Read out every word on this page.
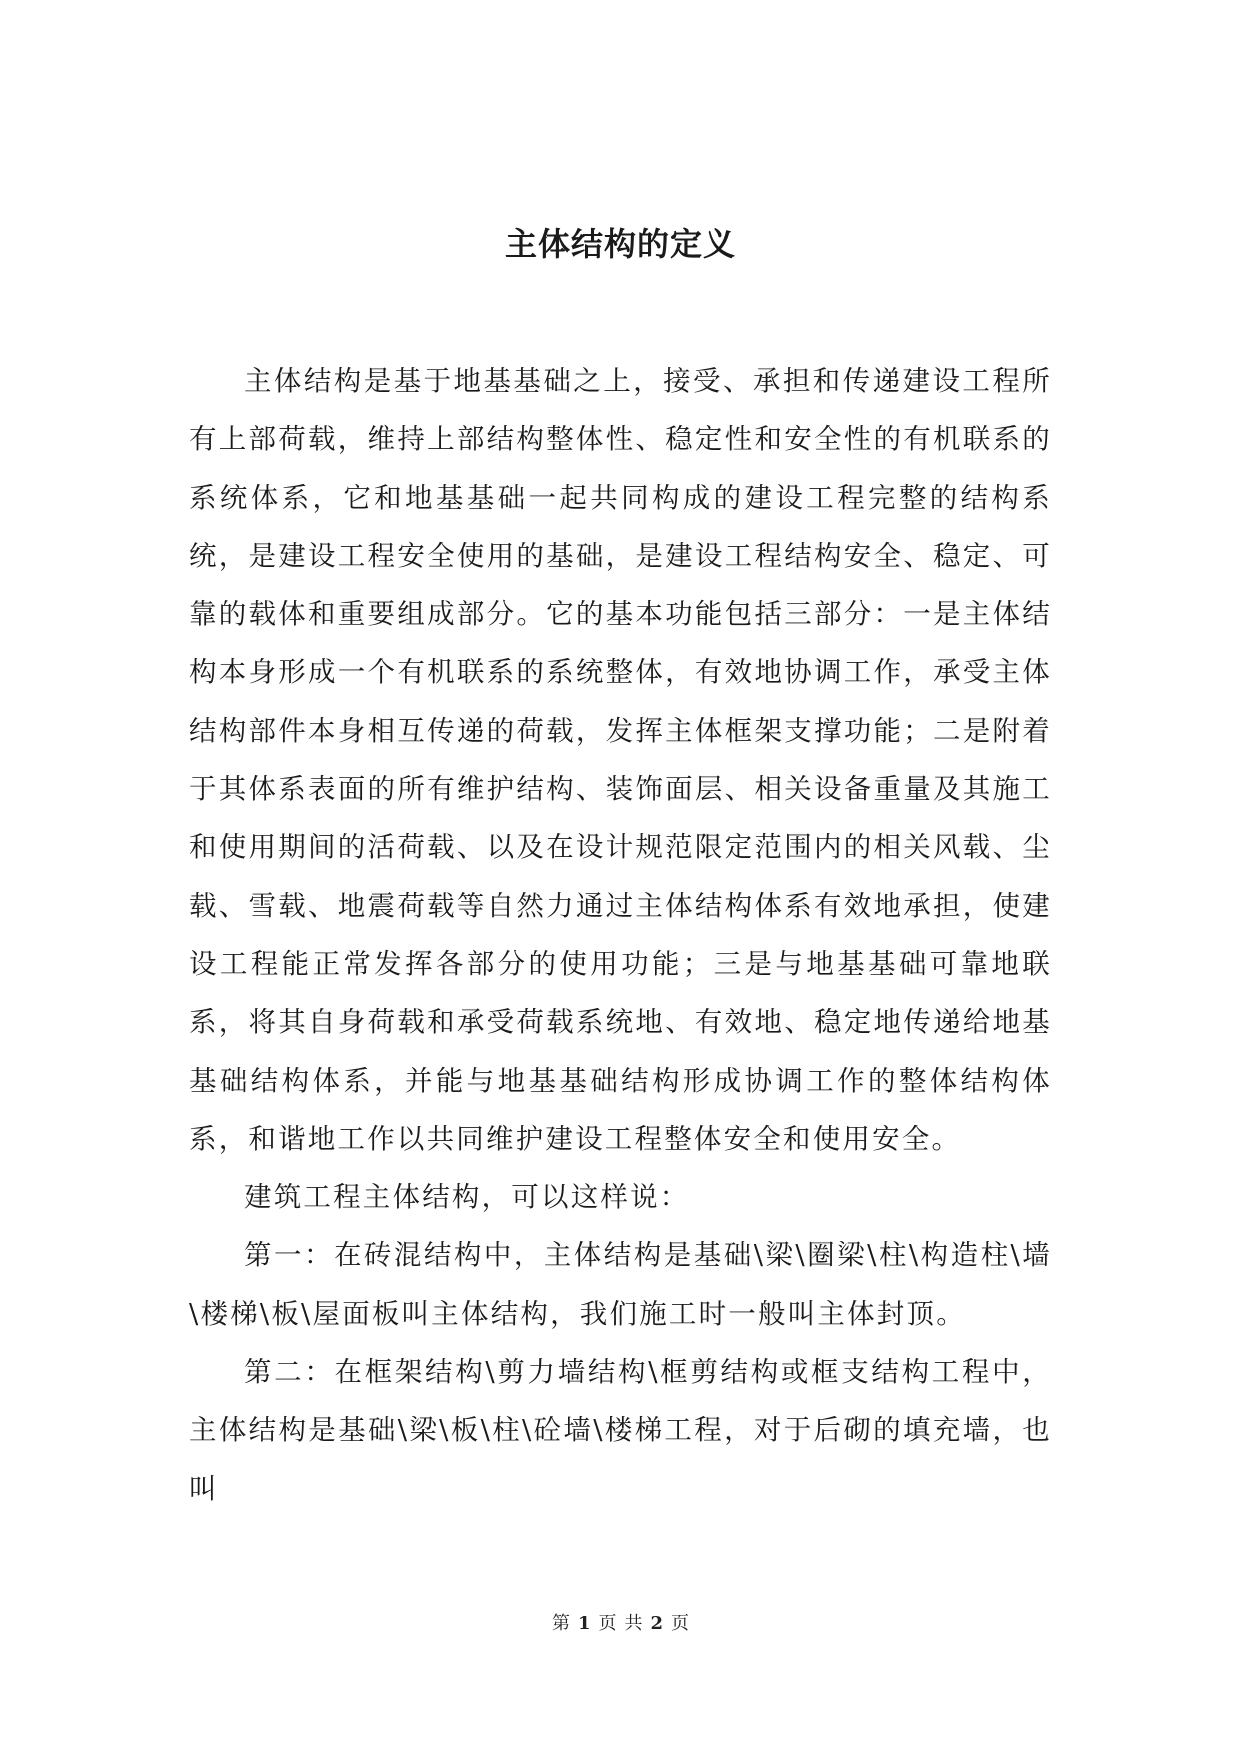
主体结构的定义

主体结构是基于地基基础之上，接受、承担和传递建设工程所有上部荷载，维持上部结构整体性、稳定性和安全性的有机联系的系统体系，它和地基基础一起共同构成的建设工程完整的结构系统，是建设工程安全使用的基础，是建设工程结构安全、稳定、可靠的载体和重要组成部分。它的基本功能包括三部分：一是主体结构本身形成一个有机联系的系统整体，有效地协调工作，承受主体结构部件本身相互传递的荷载，发挥主体框架支撑功能；二是附着于其体系表面的所有维护结构、装饰面层、相关设备重量及其施工和使用期间的活荷载、以及在设计规范限定范围内的相关风载、尘载、雪载、地震荷载等自然力通过主体结构体系有效地承担，使建设工程能正常发挥各部分的使用功能；三是与地基基础可靠地联系，将其自身荷载和承受荷载系统地、有效地、稳定地传递给地基基础结构体系，并能与地基基础结构形成协调工作的整体结构体系，和谐地工作以共同维护建设工程整体安全和使用安全。

建筑工程主体结构，可以这样说：

第一：在砖混结构中，主体结构是基础\梁\圈梁\柱\构造柱\墙\楼梯\板\屋面板叫主体结构，我们施工时一般叫主体封顶。

第二：在框架结构\剪力墙结构\框剪结构或框支结构工程中，主体结构是基础\梁\板\柱\砼墙\楼梯工程，对于后砌的填充墙，也叫

第 1 页 共 2 页
